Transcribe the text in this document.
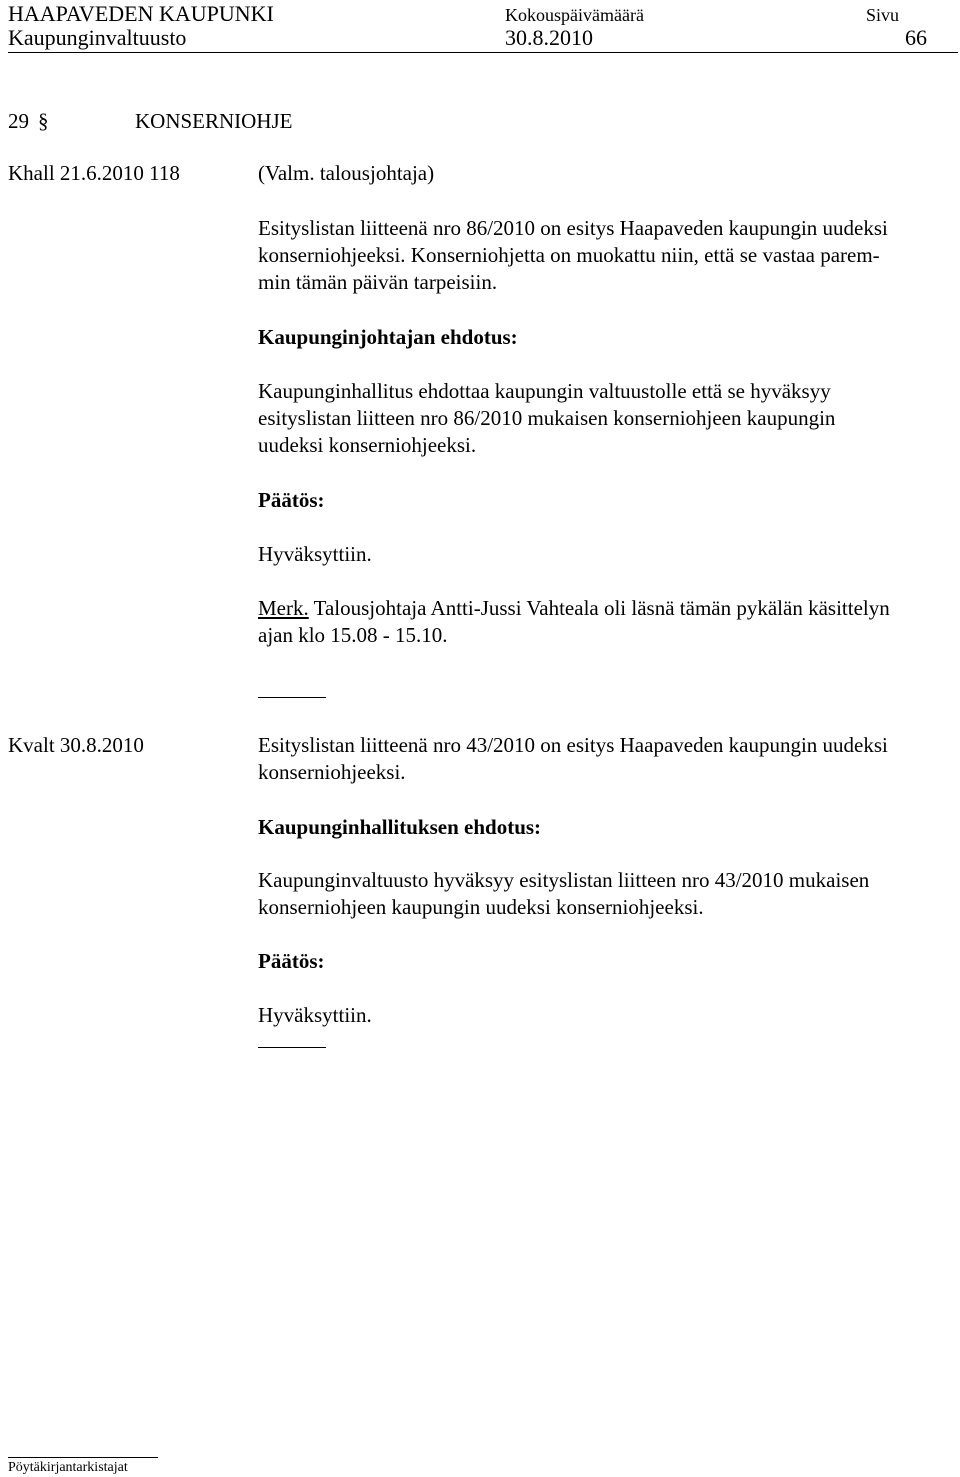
HAAPAVEDEN KAUPUNKI	Kokouspäivämäärä	Sivu
Kaupunginvaltuusto	30.8.2010	66
29 §	KONSERNIOHJE
Khall 21.6.2010 118	(Valm. talousjohtaja)
Esityslistan liitteenä nro 86/2010 on esitys Haapaveden kaupungin uudeksi
konserniohjeeksi. Konserniohjetta on muokattu niin, että se vastaa parem-
min tämän päivän tarpeisiin.
Kaupunginjohtajan ehdotus:
Kaupunginhallitus ehdottaa kaupungin valtuustolle että se hyväksyy
esityslistan liitteen nro 86/2010 mukaisen konserniohjeen kaupungin
uudeksi konserniohjeeksi.
Päätös:
Hyväksyttiin.
Merk. Talousjohtaja Antti-Jussi Vahteala oli läsnä tämän pykälän käsittelyn
ajan klo 15.08 - 15.10.
Kvalt 30.8.2010	Esityslistan liitteenä nro 43/2010 on esitys Haapaveden kaupungin uudeksi
konserniohjeeksi.
Kaupunginhallituksen ehdotus:
Kaupunginvaltuusto hyväksyy esityslistan liitteen nro 43/2010 mukaisen
konserniohjeen kaupungin uudeksi konserniohjeeksi.
Päätös:
Hyväksyttiin.
Pöytäkirjantarkistajat
